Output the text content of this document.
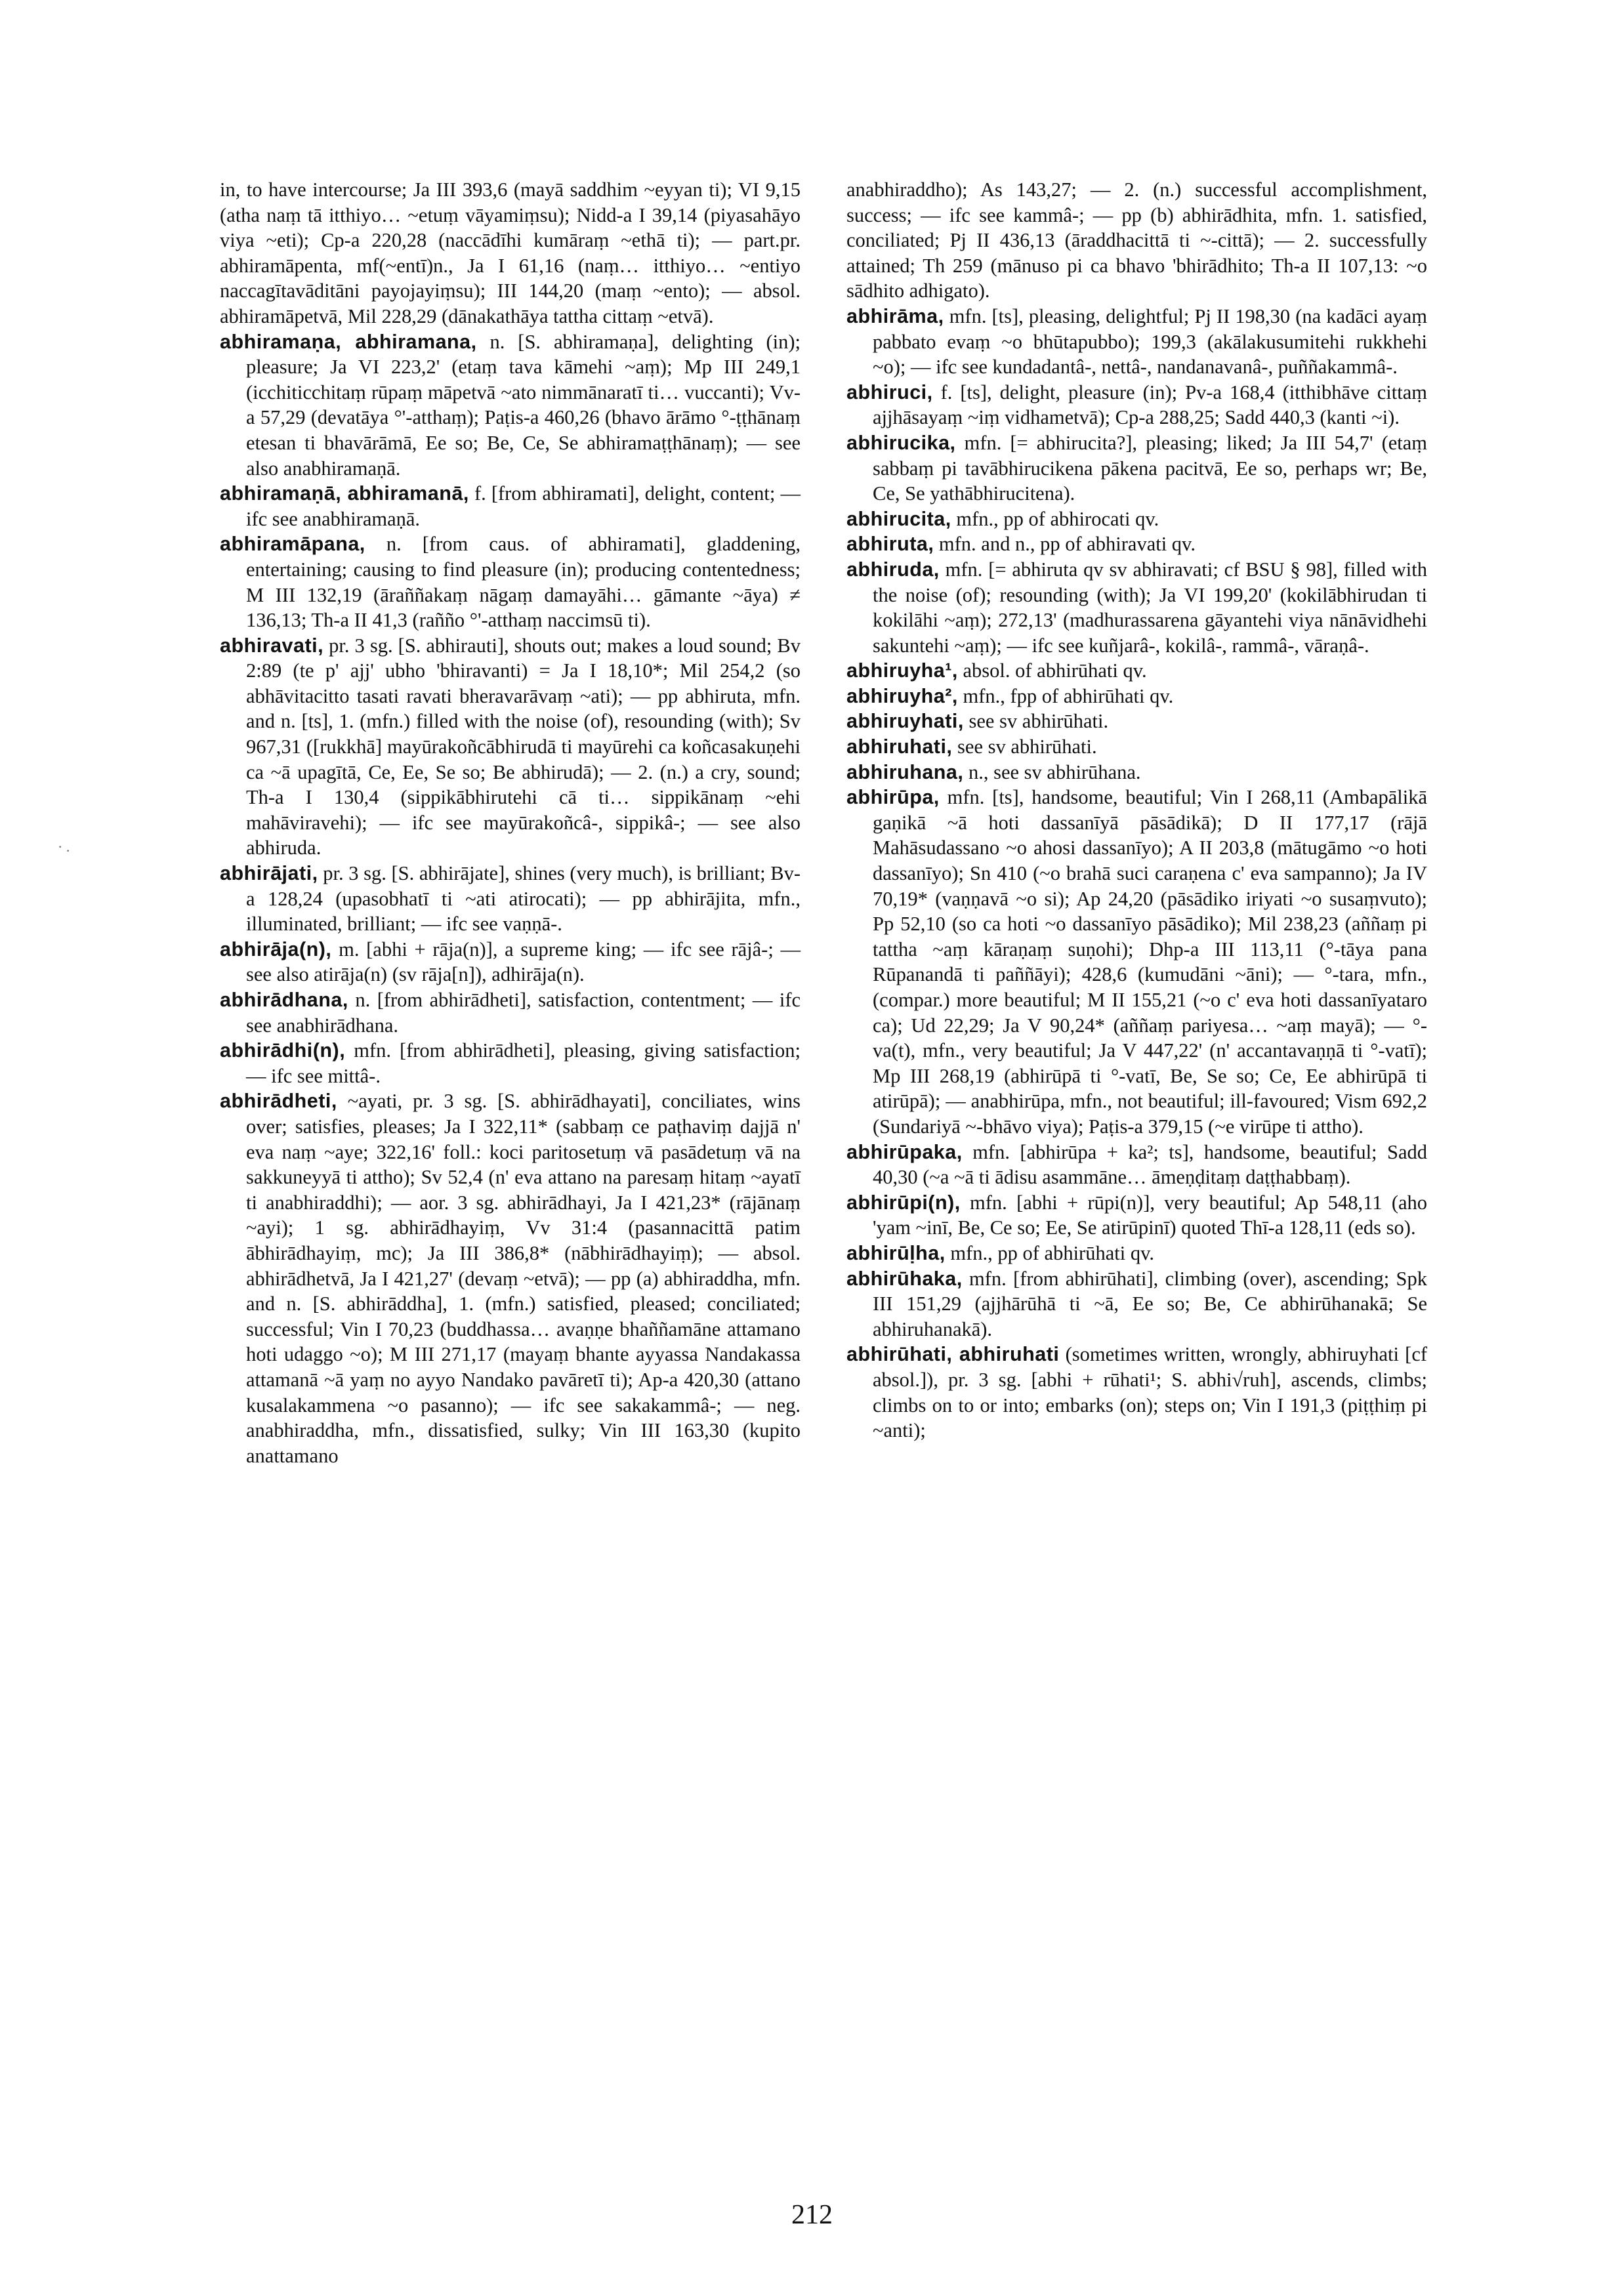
in, to have intercourse; Ja III 393,6 (mayā saddhim ~eyyan ti); VI 9,15 (atha naṃ tā itthiyo… ~etuṃ vāyamiṃsu); Nidd-a I 39,14 (piyasahāyo viya ~eti); Cp-a 220,28 (naccādīhi kumāraṃ ~ethā ti); — part.pr. abhiramāpenta, mf(~entī)n., Ja I 61,16 (naṃ… itthiyo… ~entiyo naccagītavāditāni payojayiṃsu); III 144,20 (maṃ ~ento); — absol. abhiramāpetvā, Mil 228,29 (dānakathāya tattha cittaṃ ~etvā).

abhiramaṇa, abhiramana, n. [S. abhiramaṇa], delighting (in); pleasure; Ja VI 223,2' (etaṃ tava kāmehi ~aṃ); Mp III 249,1 (icchiticchitaṃ rūpaṃ māpetvā ~ato nimmānaratī ti… vuccanti); Vv-a 57,29 (devatāya °'-atthaṃ); Paṭis-a 460,26 (bhavo ārāmo °-ṭṭhānaṃ etesan ti bhavārāmā, Ee so; Be, Ce, Se abhiramaṭṭhānaṃ); — see also anabhiramaṇā.

abhiramaṇā, abhiramanā, f. [from abhiramati], delight, content; — ifc see anabhiramaṇā.

abhiramāpana, n. [from caus. of abhiramati], gladdening, entertaining; causing to find pleasure (in); producing contentedness; M III 132,19 (āraññakaṃ nāgaṃ damayāhi… gāmante ~āya) ≠ 136,13; Th-a II 41,3 (rañño °'-atthaṃ naccimsū ti).

abhiravati, pr. 3 sg. [S. abhirauti], shouts out; makes a loud sound; Bv 2:89 (te p' ajj' ubho 'bhiravanti) = Ja I 18,10*; Mil 254,2 (so abhāvitacitto tasati ravati bheravarāvaṃ ~ati); — pp abhiruta, mfn. and n. [ts], 1. (mfn.) filled with the noise (of), resounding (with); Sv 967,31 ([rukkhā] mayūrakoñcābhirudā ti mayūrehi ca koñcasakuṇehi ca ~ā upagītā, Ce, Ee, Se so; Be abhirudā); — 2. (n.) a cry, sound; Th-a I 130,4 (sippikābhirutehi cā ti… sippikānaṃ ~ehi mahāviravehi); — ifc see mayūrakoñcâ-, sippikâ-; — see also abhiruda.

abhirājati, pr. 3 sg. [S. abhirājate], shines (very much), is brilliant; Bv-a 128,24 (upasobhatī ti ~ati atirocati); — pp abhirājita, mfn., illuminated, brilliant; — ifc see vaṇṇā-.

abhirāja(n), m. [abhi + rāja(n)], a supreme king; — ifc see rājâ-; — see also atirāja(n) (sv rāja[n]), adhirāja(n).

abhirādhana, n. [from abhirādheti], satisfaction, contentment; — ifc see anabhirādhana.

abhirādhi(n), mfn. [from abhirādheti], pleasing, giving satisfaction; — ifc see mittâ-.

abhirādheti, ~ayati, pr. 3 sg. [S. abhirādhayati], conciliates, wins over; satisfies, pleases; Ja I 322,11* (sabbaṃ ce paṭhaviṃ dajjā n' eva naṃ ~aye; 322,16' foll.: koci paritosetuṃ vā pasādetuṃ vā na sakkuneyyā ti attho); Sv 52,4 (n' eva attano na paresaṃ hitaṃ ~ayatī ti anabhiraddhi); — aor. 3 sg. abhirādhayi, Ja I 421,23* (rājānaṃ ~ayi); 1 sg. abhirādhayiṃ, Vv 31:4 (pasannacittā patim ābhirādhayiṃ, mc); Ja III 386,8* (nābhirādhayiṃ); — absol. abhirādhetvā, Ja I 421,27' (devaṃ ~etvā); — pp (a) abhiraddha, mfn. and n. [S. abhirāddha], 1. (mfn.) satisfied, pleased; conciliated; successful; Vin I 70,23 (buddhassa… avaṇṇe bhaññamāne attamano hoti udaggo ~o); M III 271,17 (mayaṃ bhante ayyassa Nandakassa attamanā ~ā yaṃ no ayyo Nandako pavāretī ti); Ap-a 420,30 (attano kusalakammena ~o pasanno); — ifc see sakakammâ-; — neg. anabhiraddha, mfn., dissatisfied, sulky; Vin III 163,30 (kupito anattamano

anabhiraddho); As 143,27; — 2. (n.) successful accomplishment, success; — ifc see kammâ-; — pp (b) abhirādhita, mfn. 1. satisfied, conciliated; Pj II 436,13 (āraddhacittā ti ~-cittā); — 2. successfully attained; Th 259 (mānuso pi ca bhavo 'bhirādhito; Th-a II 107,13: ~o sādhito adhigato).

abhirāma, mfn. [ts], pleasing, delightful; Pj II 198,30 (na kadāci ayaṃ pabbato evaṃ ~o bhūtapubbo); 199,3 (akālakusumitehi rukkhehi ~o); — ifc see kundadantâ-, nettâ-, nandanavanâ-, puññakammâ-.

abhiruci, f. [ts], delight, pleasure (in); Pv-a 168,4 (itthibhāve cittaṃ ajjhāsayaṃ ~iṃ vidhametvā); Cp-a 288,25; Sadd 440,3 (kanti ~i).

abhirucika, mfn. [= abhirucita?], pleasing; liked; Ja III 54,7' (etaṃ sabbaṃ pi tavābhirucikena pākena pacitvā, Ee so, perhaps wr; Be, Ce, Se yathābhirucitena).

abhirucita, mfn., pp of abhirocati qv.

abhiruta, mfn. and n., pp of abhiravati qv.

abhiruda, mfn. [= abhiruta qv sv abhiravati; cf BSU § 98], filled with the noise (of); resounding (with); Ja VI 199,20' (kokilābhirudan ti kokilāhi ~aṃ); 272,13' (madhurassarena gāyantehi viya nānāvidhehi sakuntehi ~aṃ); — ifc see kuñjarâ-, kokilâ-, rammâ-, vāraṇâ-.

abhiruyha¹, absol. of abhirūhati qv.

abhiruyha², mfn., fpp of abhirūhati qv.

abhiruyhati, see sv abhirūhati.

abhiruhati, see sv abhirūhati.

abhiruhana, n., see sv abhirūhana.

abhirūpa, mfn. [ts], handsome, beautiful; Vin I 268,11 (Ambapālikā gaṇikā ~ā hoti dassanīyā pāsādikā); D II 177,17 (rājā Mahāsudassano ~o ahosi dassanīyo); A II 203,8 (mātugāmo ~o hoti dassanīyo); Sn 410 (~o brahā suci caraṇena c' eva sampanno); Ja IV 70,19* (vaṇṇavā ~o si); Ap 24,20 (pāsādiko iriyati ~o susaṃvuto); Pp 52,10 (so ca hoti ~o dassanīyo pāsādiko); Mil 238,23 (aññaṃ pi tattha ~aṃ kāraṇaṃ suṇohi); Dhp-a III 113,11 (°-tāya pana Rūpanandā ti paññāyi); 428,6 (kumudāni ~āni); — °-tara, mfn., (compar.) more beautiful; M II 155,21 (~o c' eva hoti dassanīyataro ca); Ud 22,29; Ja V 90,24* (aññaṃ pariyesa… ~aṃ mayā); — °-va(t), mfn., very beautiful; Ja V 447,22' (n' accantavaṇṇā ti °-vatī); Mp III 268,19 (abhirūpā ti °-vatī, Be, Se so; Ce, Ee abhirūpā ti atirūpā); — anabhirūpa, mfn., not beautiful; ill-favoured; Vism 692,2 (Sundariyā ~-bhāvo viya); Paṭis-a 379,15 (~e virūpe ti attho).

abhirūpaka, mfn. [abhirūpa + ka²; ts], handsome, beautiful; Sadd 40,30 (~a ~ā ti ādisu asammāne… āmeṇḍitaṃ daṭṭhabbaṃ).

abhirūpi(n), mfn. [abhi + rūpi(n)], very beautiful; Ap 548,11 (aho 'yam ~inī, Be, Ce so; Ee, Se atirūpinī) quoted Thī-a 128,11 (eds so).

abhirūḷha, mfn., pp of abhirūhati qv.

abhirūhaka, mfn. [from abhirūhati], climbing (over), ascending; Spk III 151,29 (ajjhārūhā ti ~ā, Ee so; Be, Ce abhirūhanakā; Se abhiruhanakā).

abhirūhati, abhiruhati (sometimes written, wrongly, abhiruyhati [cf absol.]), pr. 3 sg. [abhi + rūhati¹; S. abhi√ruh], ascends, climbs; climbs on to or into; embarks (on); steps on; Vin I 191,3 (piṭṭhiṃ pi ~anti);

· .
212
